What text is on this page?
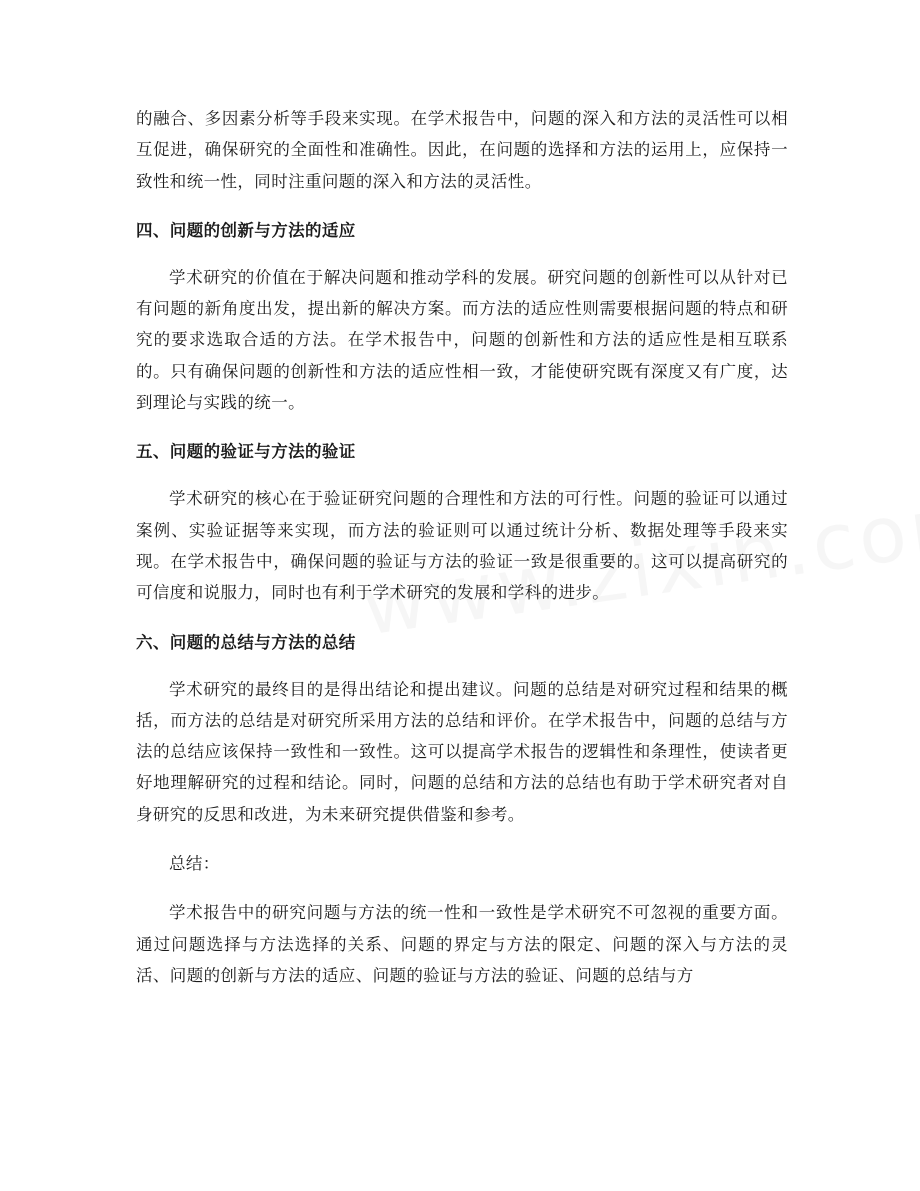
的融合、多因素分析等手段来实现。在学术报告中，问题的深入和方法的灵活性可以相互促进，确保研究的全面性和准确性。因此，在问题的选择和方法的运用上，应保持一致性和统一性，同时注重问题的深入和方法的灵活性。

四、问题的创新与方法的适应

学术研究的价值在于解决问题和推动学科的发展。研究问题的创新性可以从针对已有问题的新角度出发，提出新的解决方案。而方法的适应性则需要根据问题的特点和研究的要求选取合适的方法。在学术报告中，问题的创新性和方法的适应性是相互联系的。只有确保问题的创新性和方法的适应性相一致，才能使研究既有深度又有广度，达到理论与实践的统一。

五、问题的验证与方法的验证

学术研究的核心在于验证研究问题的合理性和方法的可行性。问题的验证可以通过案例、实验证据等来实现，而方法的验证则可以通过统计分析、数据处理等手段来实现。在学术报告中，确保问题的验证与方法的验证一致是很重要的。这可以提高研究的可信度和说服力，同时也有利于学术研究的发展和学科的进步。

六、问题的总结与方法的总结

学术研究的最终目的是得出结论和提出建议。问题的总结是对研究过程和结果的概括，而方法的总结是对研究所采用方法的总结和评价。在学术报告中，问题的总结与方法的总结应该保持一致性和一致性。这可以提高学术报告的逻辑性和条理性，使读者更好地理解研究的过程和结论。同时，问题的总结和方法的总结也有助于学术研究者对自身研究的反思和改进，为未来研究提供借鉴和参考。

总结：

学术报告中的研究问题与方法的统一性和一致性是学术研究不可忽视的重要方面。通过问题选择与方法选择的关系、问题的界定与方法的限定、问题的深入与方法的灵活、问题的创新与方法的适应、问题的验证与方法的验证、问题的总结与方
